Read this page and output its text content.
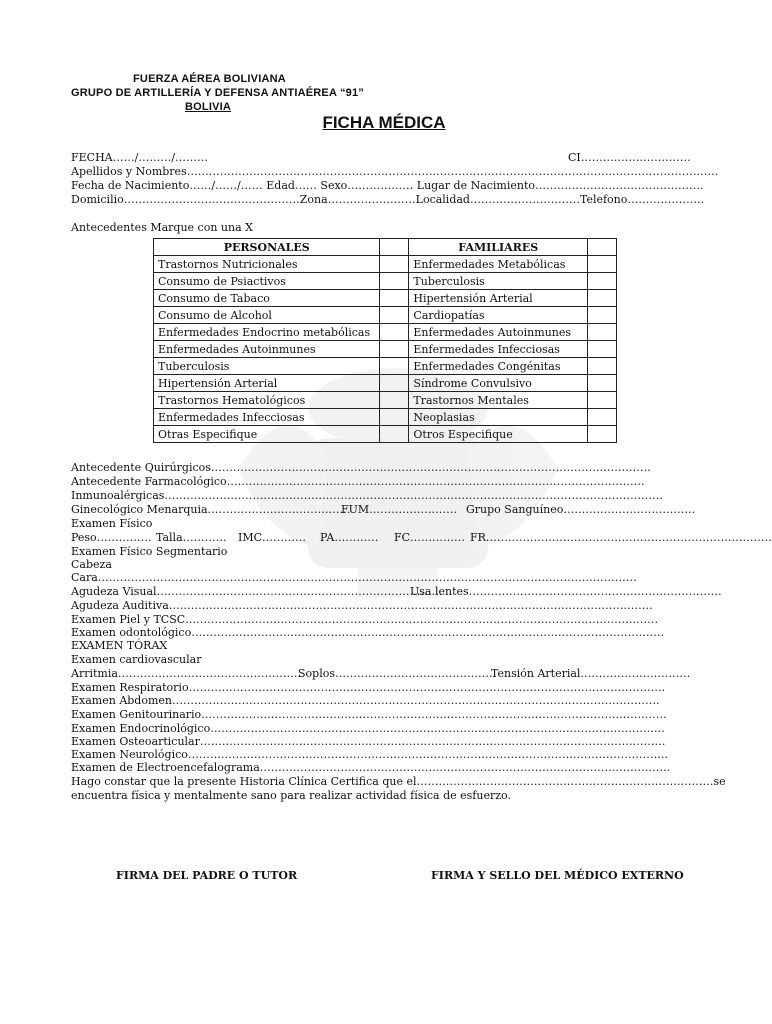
FUERZA AÉREA BOLIVIANA
GRUPO DE ARTILLERÍA Y DEFENSA ANTIAÉREA “91”
BOLIVIA
FICHA MÉDICA
FECHA……/………/………	CI…………………………
Apellidos y Nombres……………………………………………………………………………………………………………………………….
Fecha de Nacimiento……/……/…… Edad…… Sexo……………… Lugar de Nacimiento……………………………………….
Domicilio…………………………………………Zona……………………Localidad…………………………Telefono…………………
Antecedentes Marque con una X
PERSONALES		FAMILIARES	
Trastornos Nutricionales		Enfermedades Metabólicas	
Consumo de Psiactivos		Tuberculosis	
Consumo de Tabaco		Hipertensión Arterial	
Consumo de Alcohol		Cardiopatías	
Enfermedades Endocrino metabólicas		Enfermedades Autoinmunes	
Enfermedades Autoinmunes		Enfermedades Infecciosas	
Tuberculosis		Enfermedades Congénitas	
Hipertensión Arterial		Síndrome Convulsivo	
Trastornos Hematológicos		Trastornos Mentales	
Enfermedades Infecciosas		Neoplasias	
Otras Especifique		Otros Especifique	
Antecedente Quirúrgicos…………………………………………………………………………………………………………
Antecedente Farmacológico……………………………………………………………………………………………………
Inmunoalérgicas……………………………………………………………………………………………………………………….
Ginecológico Menarquia…………………………………
FUM…………………… Grupo Sanguíneo………………………………
Examen Físico
Peso…………… Talla………… IMC………… PA………… FC…………… FR……………………………………………………………………
Examen Físico Segmentario
Cabeza
Cara…………………………………………………………………………………………………………………………………
Agudeza Visual……………………………………………………………………
Usa lentes……………………………………………………………
Agudeza Auditiva……………………………………………………………………………………………………………………
Examen Piel y TCSC…………………………………………………………………………………………………………………
Examen odontológico…………………………………………………………………………………………………………………
EXAMEN TÓRAX
Examen cardiovascular
Arritmia…………………………………………..
Soplos……………………………………..
Tensión Arterial…………………………
Examen Respiratorio………………………………………………………………………………………………………………….
Examen Abdomen…………………………………………………………………………………………………………………….
Examen Genitourinario……………………………………………………………………………………………………………….
Examen Endocrinológico…………………………………………………………………………………………………………….
Examen Osteoarticular……………………………………………………………………………………………………………….
Examen Neurológico…………………………………………………………………………………………………………………..
Examen de Electroencefalograma………………………………………………………………………………………………….
Hago constar que la presente Historia Clínica Certifica que el………………………………………………………………………se
encuentra física y mentalmente sano para realizar actividad física de esfuerzo.
FIRMA DEL PADRE O TUTOR	FIRMA Y SELLO DEL MÉDICO EXTERNO
